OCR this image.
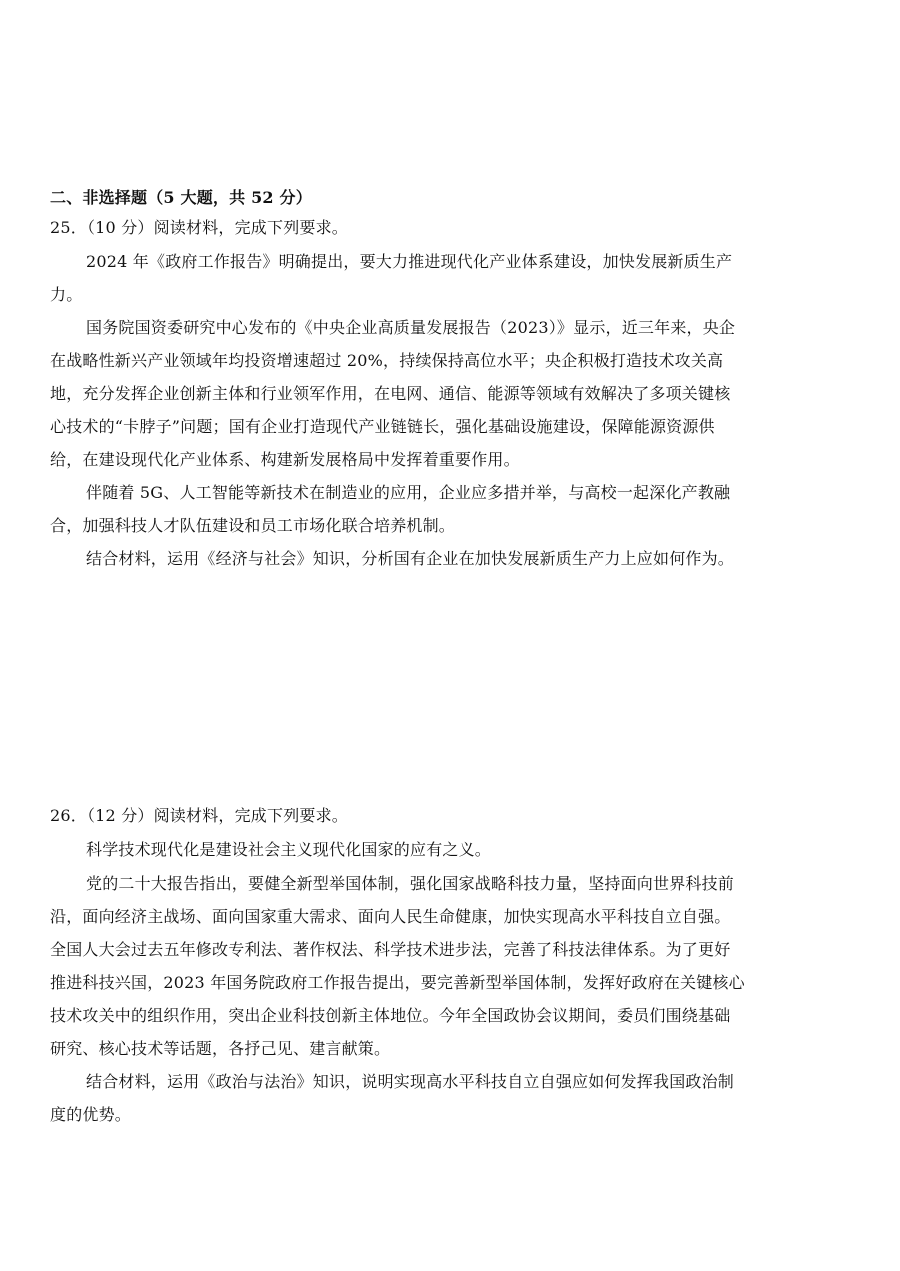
二、非选择题（5 大题，共 52 分）
25．（10 分）阅读材料，完成下列要求。
2024 年《政府工作报告》明确提出，要大力推进现代化产业体系建设，加快发展新质生产
力。
国务院国资委研究中心发布的《中央企业高质量发展报告（2023）》显示，近三年来，央企
在战略性新兴产业领域年均投资增速超过 20%，持续保持高位水平；央企积极打造技术攻关高
地，充分发挥企业创新主体和行业领军作用，在电网、通信、能源等领域有效解决了多项关键核
心技术的“卡脖子”问题；国有企业打造现代产业链链长，强化基础设施建设，保障能源资源供
给，在建设现代化产业体系、构建新发展格局中发挥着重要作用。
伴随着 5G、人工智能等新技术在制造业的应用，企业应多措并举，与高校一起深化产教融
合，加强科技人才队伍建设和员工市场化联合培养机制。
结合材料，运用《经济与社会》知识，分析国有企业在加快发展新质生产力上应如何作为。
26．（12 分）阅读材料，完成下列要求。
科学技术现代化是建设社会主义现代化国家的应有之义。
党的二十大报告指出，要健全新型举国体制，强化国家战略科技力量，坚持面向世界科技前
沿，面向经济主战场、面向国家重大需求、面向人民生命健康，加快实现高水平科技自立自强。
全国人大会过去五年修改专利法、著作权法、科学技术进步法，完善了科技法律体系。为了更好
推进科技兴国，2023 年国务院政府工作报告提出，要完善新型举国体制，发挥好政府在关键核心
技术攻关中的组织作用，突出企业科技创新主体地位。今年全国政协会议期间，委员们围绕基础
研究、核心技术等话题，各抒己见、建言献策。
结合材料，运用《政治与法治》知识，说明实现高水平科技自立自强应如何发挥我国政治制
度的优势。
